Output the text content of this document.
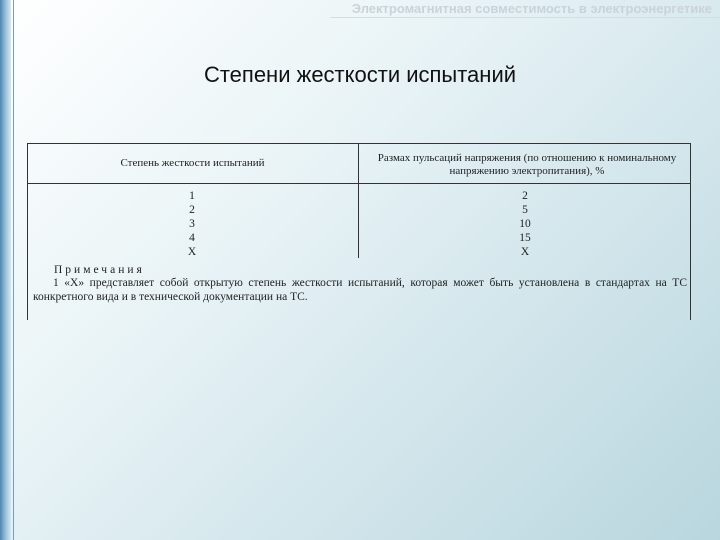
Электромагнитная совместимость в электроэнергетике
Степени жесткости испытаний
Степень жесткости испытаний	Размах пульсаций напряжения (по отношению к номинальному напряжению электропитания), %
1
2
3
4
X
2
5
10
15
X
Примечания
1 «X» представляет собой открытую степень жесткости испытаний, которая может быть установлена в стандартах на ТС конкретного вида и в технической документации на ТС.
